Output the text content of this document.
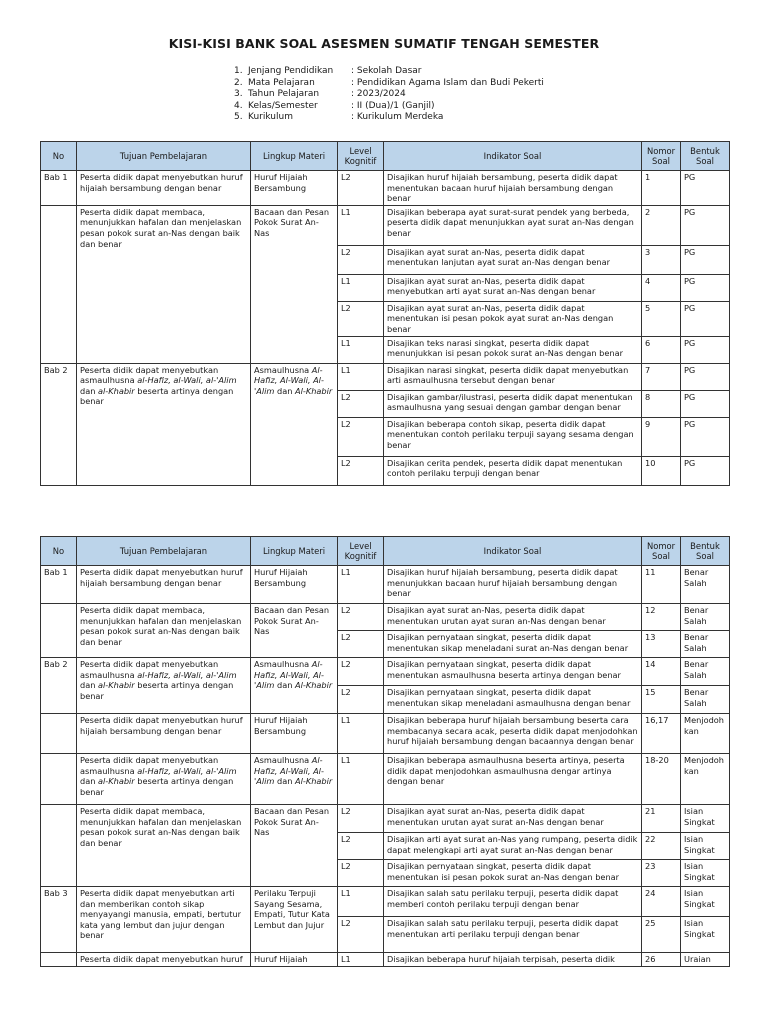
KISI-KISI BANK SOAL ASESMEN SUMATIF TENGAH SEMESTER
1. Jenjang Pendidikan	: Sekolah Dasar
2. Mata Pelajaran	: Pendidikan Agama Islam dan Budi Pekerti
3. Tahun Pelajaran	: 2023/2024
4. Kelas/Semester	: II (Dua)/1 (Ganjil)
5. Kurikulum	: Kurikulum Merdeka
No	Tujuan Pembelajaran	Lingkup Materi	Level Kognitif	Indikator Soal	Nomor Soal	Bentuk Soal
Bab 1	Peserta didik dapat menyebutkan huruf hijaiah bersambung dengan benar	Huruf Hijaiah Bersambung	L2	Disajikan huruf hijaiah bersambung, peserta didik dapat menentukan bacaan huruf hijaiah bersambung dengan benar	1	PG
	Peserta didik dapat membaca, menunjukkan hafalan dan menjelaskan pesan pokok surat an-Nas dengan baik dan benar	Bacaan dan Pesan Pokok Surat An-Nas	L1	Disajikan beberapa ayat surat-surat pendek yang berbeda, peserta didik dapat menunjukkan ayat surat an-Nas dengan benar	2	PG
			L2	Disajikan ayat surat an-Nas, peserta didik dapat menentukan lanjutan ayat surat an-Nas dengan benar	3	PG
			L1	Disajikan ayat surat an-Nas, peserta didik dapat menyebutkan arti ayat surat an-Nas dengan benar	4	PG
			L2	Disajikan ayat surat an-Nas, peserta didik dapat menentukan isi pesan pokok ayat surat an-Nas dengan benar	5	PG
			L1	Disajikan teks narasi singkat, peserta didik dapat menunjukkan isi pesan pokok surat an-Nas dengan benar	6	PG
Bab 2	Peserta didik dapat menyebutkan asmaulhusna al-Hafiz, al-Wali, al-'Alim dan al-Khabir beserta artinya dengan benar	Asmaulhusna Al-Hafiz, Al-Wali, Al-'Alim dan Al-Khabir	L1	Disajikan narasi singkat, peserta didik dapat menyebutkan arti asmaulhusna tersebut dengan benar	7	PG
			L2	Disajikan gambar/ilustrasi, peserta didik dapat menentukan asmaulhusna yang sesuai dengan gambar dengan benar	8	PG
			L2	Disajikan beberapa contoh sikap, peserta didik dapat menentukan contoh perilaku terpuji sayang sesama dengan benar	9	PG
			L2	Disajikan cerita pendek, peserta didik dapat menentukan contoh perilaku terpuji dengan benar	10	PG
No	Tujuan Pembelajaran	Lingkup Materi	Level Kognitif	Indikator Soal	Nomor Soal	Bentuk Soal
Bab 1	Peserta didik dapat menyebutkan huruf hijaiah bersambung dengan benar	Huruf Hijaiah Bersambung	L1	Disajikan huruf hijaiah bersambung, peserta didik dapat menunjukkan bacaan huruf hijaiah bersambung dengan benar	11	Benar Salah
	Peserta didik dapat membaca, menunjukkan hafalan dan menjelaskan pesan pokok surat an-Nas dengan baik dan benar	Bacaan dan Pesan Pokok Surat An-Nas	L2	Disajikan ayat surat an-Nas, peserta didik dapat menentukan urutan ayat suran an-Nas dengan benar	12	Benar Salah
			L2	Disajikan pernyataan singkat, peserta didik dapat menentukan sikap meneladani surat an-Nas dengan benar	13	Benar Salah
Bab 2	Peserta didik dapat menyebutkan asmaulhusna al-Hafiz, al-Wali, al-'Alim dan al-Khabir beserta artinya dengan benar	Asmaulhusna Al-Hafiz, Al-Wali, Al-'Alim dan Al-Khabir	L2	Disajikan pernyataan singkat, peserta didik dapat menentukan asmaulhusna beserta artinya dengan benar	14	Benar Salah
			L2	Disajikan pernyataan singkat, peserta didik dapat menentukan sikap meneladani asmaulhusna dengan benar	15	Benar Salah
	Peserta didik dapat menyebutkan huruf hijaiah bersambung dengan benar	Huruf Hijaiah Bersambung	L1	Disajikan beberapa huruf hijaiah bersambung beserta cara membacanya secara acak, peserta didik dapat menjodohkan huruf hijaiah bersambung dengan bacaannya dengan benar	16,17	Menjodoh kan
	Peserta didik dapat menyebutkan asmaulhusna al-Hafiz, al-Wali, al-'Alim dan al-Khabir beserta artinya dengan benar	Asmaulhusna Al-Hafiz, Al-Wali, Al-'Alim dan Al-Khabir	L1	Disajikan beberapa asmaulhusna beserta artinya, peserta didik dapat menjodohkan asmaulhusna dengar artinya dengan benar	18-20	Menjodoh kan
	Peserta didik dapat membaca, menunjukkan hafalan dan menjelaskan pesan pokok surat an-Nas dengan baik dan benar	Bacaan dan Pesan Pokok Surat An-Nas	L2	Disajikan ayat surat an-Nas, peserta didik dapat menentukan urutan ayat surat an-Nas dengan benar	21	Isian Singkat
			L2	Disajikan arti ayat surat an-Nas yang rumpang, peserta didik dapat melengkapi arti ayat surat an-Nas dengan benar	22	Isian Singkat
			L2	Disajikan pernyataan singkat, peserta didik dapat menentukan isi pesan pokok surat an-Nas dengan benar	23	Isian Singkat
Bab 3	Peserta didik dapat menyebutkan arti dan memberikan contoh sikap menyayangi manusia, empati, bertutur kata yang lembut dan jujur dengan benar	Perilaku Terpuji Sayang Sesama, Empati, Tutur Kata Lembut dan Jujur	L1	Disajikan salah satu perilaku terpuji, peserta didik dapat memberi contoh perilaku terpuji dengan benar	24	Isian Singkat
			L2	Disajikan salah satu perilaku terpuji, peserta didik dapat menentukan arti perilaku terpuji dengan benar	25	Isian Singkat
	Peserta didik dapat menyebutkan huruf	Huruf Hijaiah	L1	Disajikan beberapa huruf hijaiah terpisah, peserta didik	26	Uraian
